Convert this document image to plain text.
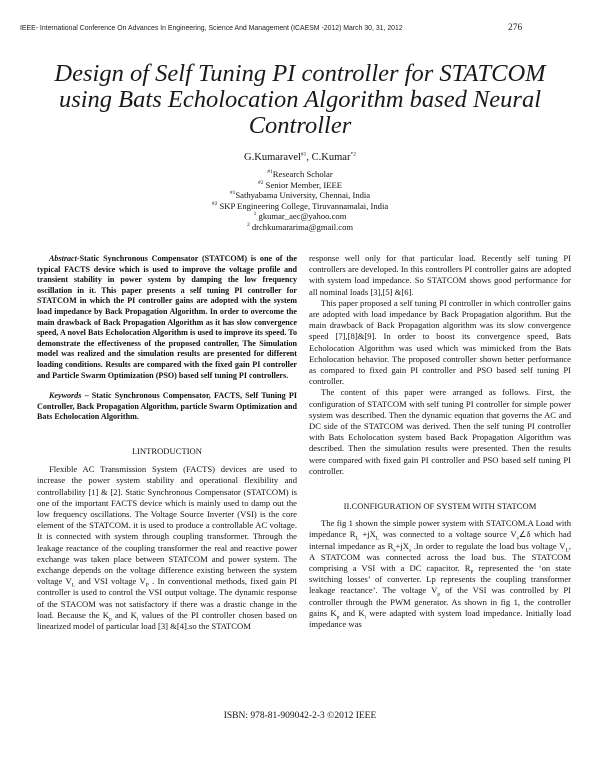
IEEE- International Conference On Advances In Engineering, Science And Management (ICAESM -2012) March 30, 31, 2012	276
Design of Self Tuning PI controller for STATCOM
using Bats Echolocation Algorithm based Neural
Controller
G.Kumaravel$^{\#1}$, C.Kumar$^{*2}$
$^{\#1}$Research Scholar
$^{\#2}$ Senior Member, IEEE
$^{\#1}$Sathyabama University, Chennai, India
$^{\#2}$ SKP Engineering College, Tiruvannamalai, India
$^1$ gkumar_aec@yahoo.com
$^2$ drchkumararima@gmail.com

Abstract-Static Synchronous Compensator (STATCOM) is one of the typical FACTS device which is used to improve the voltage profile and transient stability in power system by damping the low frequency oscillation in it. This paper presents a self tuning PI controller for STATCOM in which the PI controller gains are adopted with the system load impedance by Back Propagation Algorithm. In order to overcome the main drawback of Back Propagation Algorithm as it has slow convergence speed, A novel Bats Echolocation Algorithm is used to improve its speed. To demonstrate the effectiveness of the proposed controller, The Simulation model was realized and the simulation results are presented for different loading conditions. Results are compared with the fixed gain PI controller and Particle Swarm Optimization (PSO) based self tuning PI controllers.

Keywords – Static Synchronous Compensator, FACTS, Self Tuning PI Controller, Back Propagation Algorithm, particle Swarm Optimization and Bats Echolocation Algorithm.

I.INTRODUCTION

Flexible AC Transmission System (FACTS) devices are used to increase the power system stability and operational flexibility and controllability [1] & [2]. Static Synchronous Compensator (STATCOM) is one of the important FACTS device which is mainly used to damp out the low frequency oscillations. The Voltage Source Inverter (VSI) is the core element of the STATCOM. it is used to produce a controllable AC voltage. It is connected with system through coupling transformer. Through the leakage reactance of the coupling transformer the real and reactive power exchange was taken place between STATCOM and power system. The exchange depends on the voltage difference existing between the system voltage $V_L$ and VSI voltage $V_P$ . In conventional methods, fixed gain PI controller is used to control the VSI output voltage. The dynamic response of the STACOM was not satisfactory if there was a drastic change in the load. Because the $K_p$ and $K_i$ values of the PI controller chosen based on linearized model of particular load [3] &[4].so the STATCOM

response well only for that particular load. Recently self tuning PI controllers are developed. In this controllers PI controller gains are adopted with system load impedance. So STATCOM shows good performance for all nominal loads [3],[5] &[6].

This paper proposed a self tuning PI controller in which controller gains are adopted with load impedance by Back Propagation algorithm. But the main drawback of Back Propagation algorithm was its slow convergence speed [7],[8]&[9]. In order to boost its convergence speed, Bats Echolocation Algorithm was used which was mimicked from the Bats Echolocation behavior. The proposed controller shown better performance as compared to fixed gain PI controller and PSO based self tuning PI controller.

The content of this paper were arranged as follows. First, the configuration of STATCOM with self tuning PI controller for simple power system was described. Then the dynamic equation that governs the AC and DC side of the STATCOM was derived. Then the self tuning PI controller with Bats Echolocation system based Back Propagation Algorithm was described. Then the simulation results were presented. Then the results were compared with fixed gain PI controller and PSO based self tuning PI controller.

II.CONFIGURATION OF SYSTEM WITH STATCOM

The fig 1 shown the simple power system with STATCOM.A Load with impedance $R_L +jX_L$ was connected to a voltage source $V_s\angle\delta$ which had internal impedance as $R_s+jX_s$ .In order to regulate the load bus voltage $V_L$, A STATCOM was connected across the load bus. The STATCOM comprising a VSI with a DC capacitor. $R_P$ represented the ‘on state switching losses’ of converter. Lp represents the coupling transformer leakage reactance’. The voltage $V_p$ of the VSI was controlled by PI controller through the PWM generator. As shown in fig 1, the controller gains $K_p$ and $K_i$ were adapted with system load impedance. Initially load impedance was

ISBN: 978-81-909042-2-3 ©2012 IEEE
